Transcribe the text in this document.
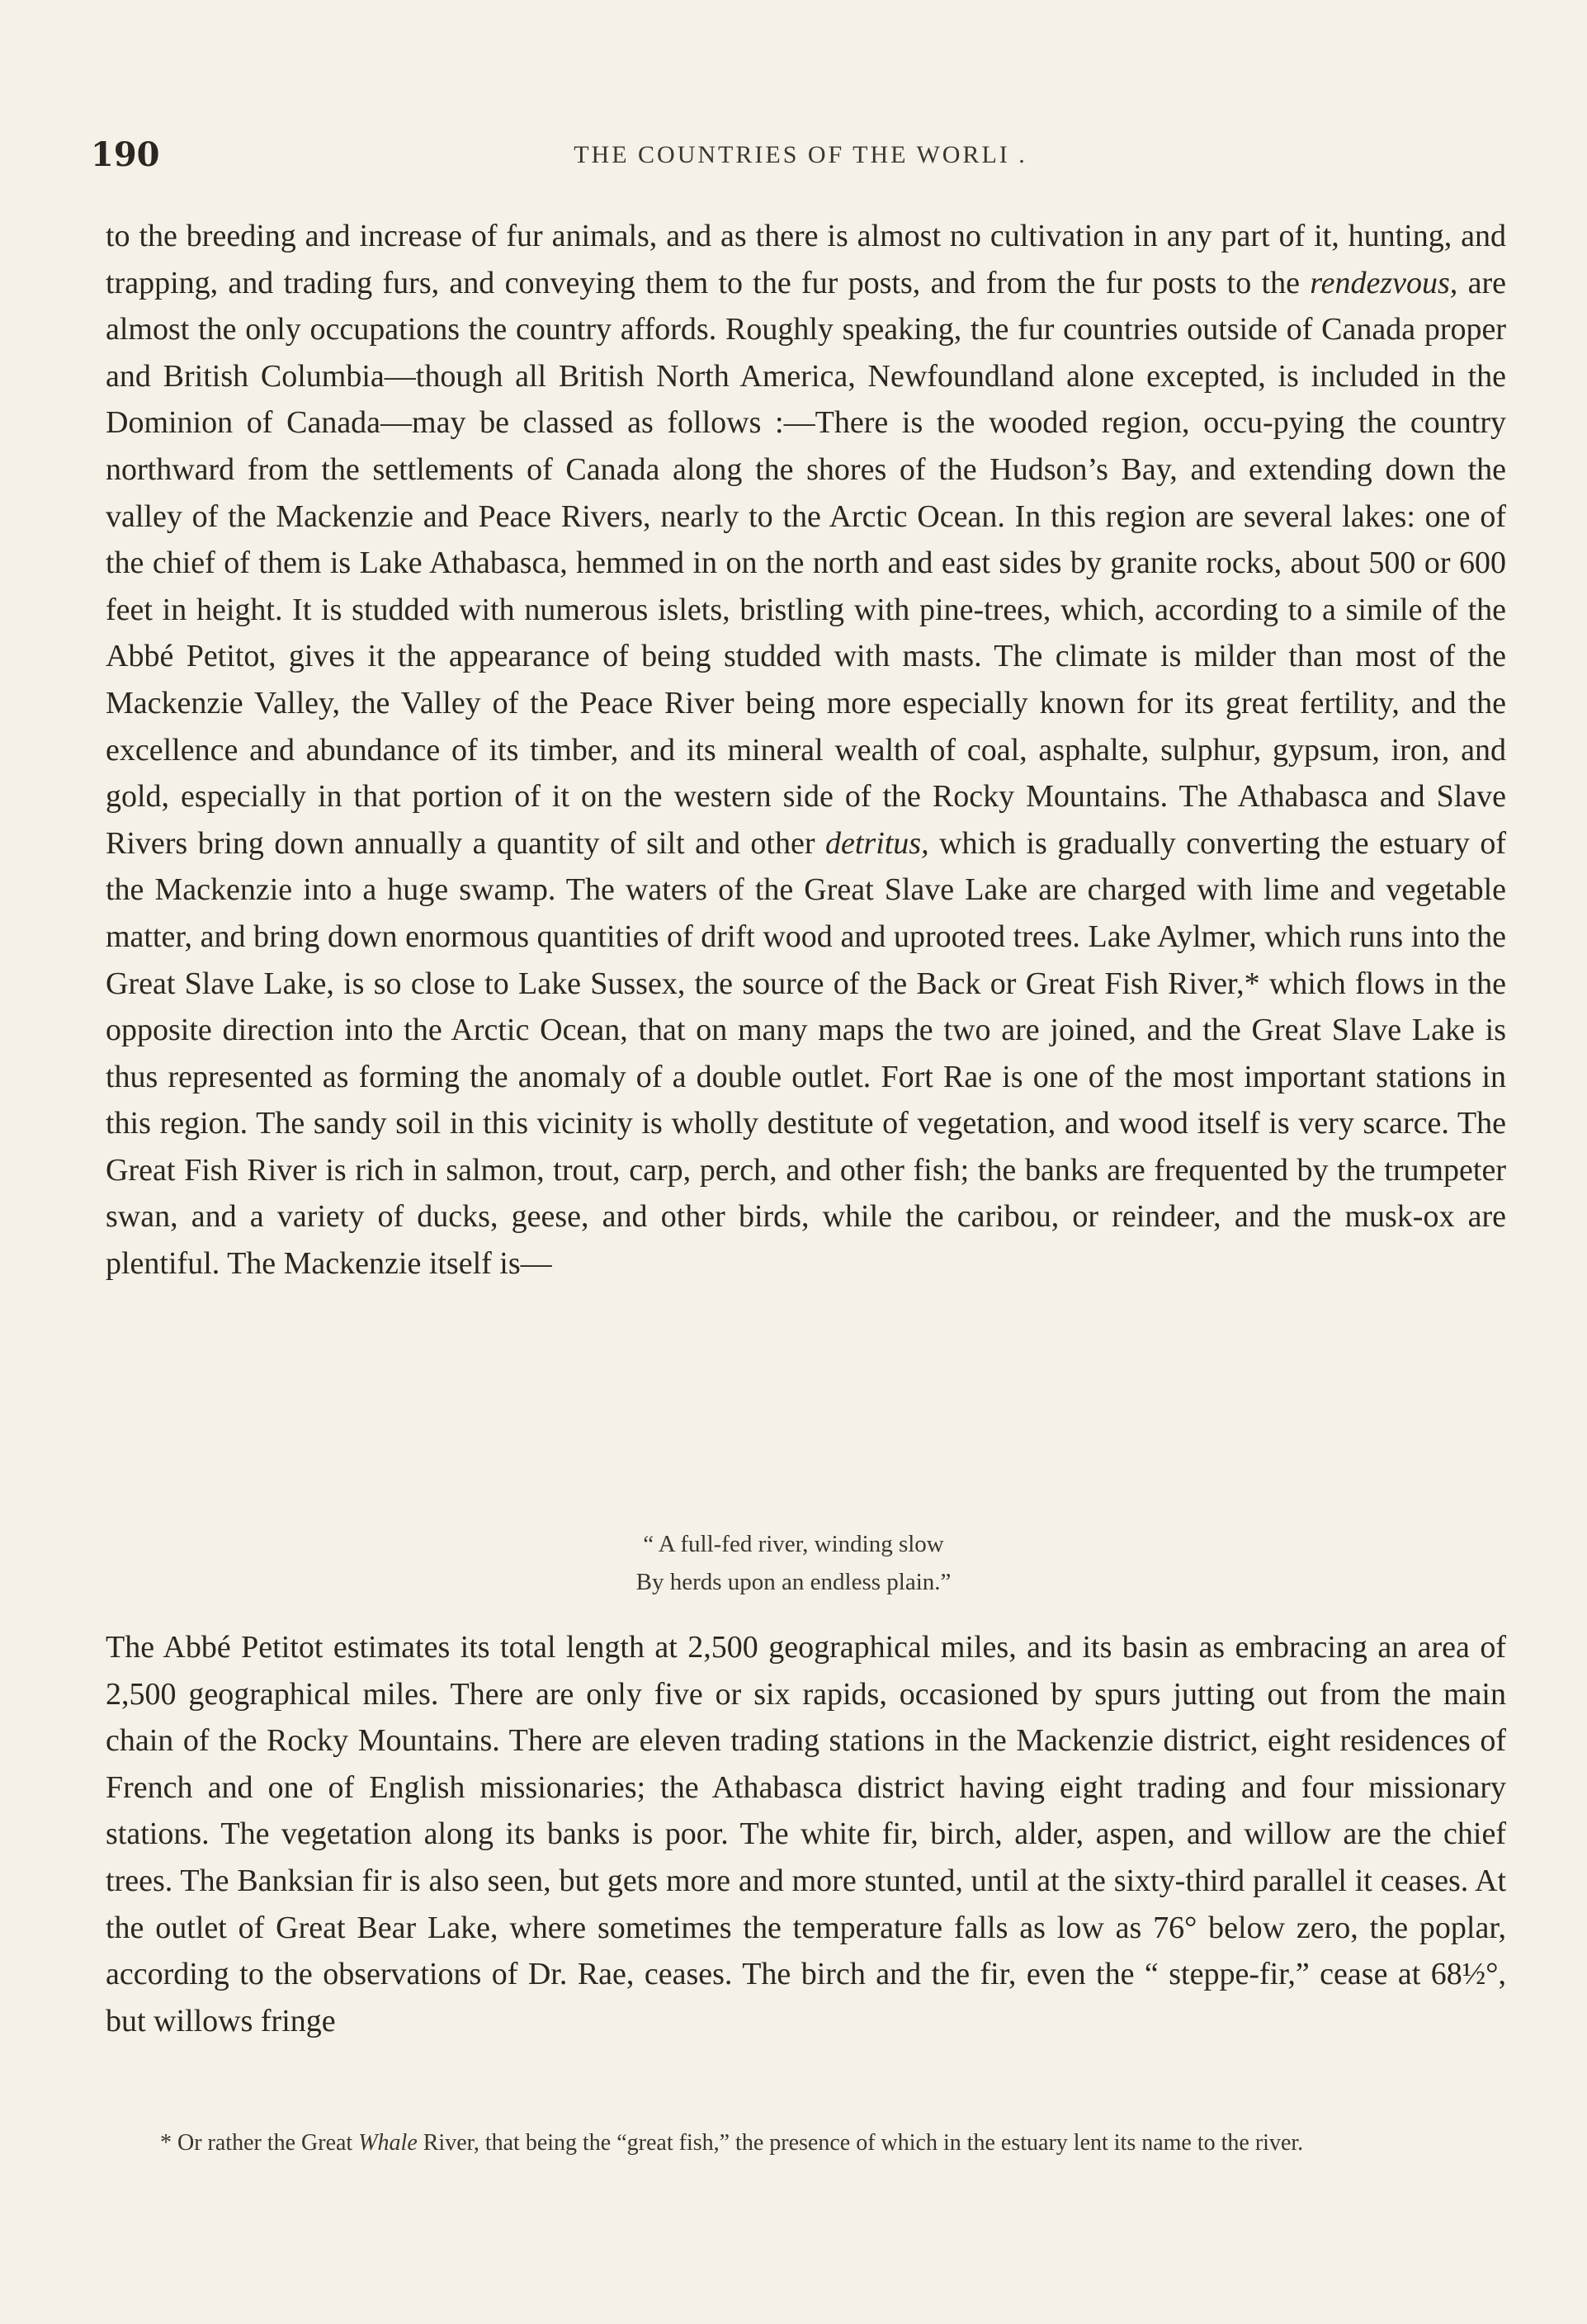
190	THE COUNTRIES OF THE WORLI .

to the breeding and increase of fur animals, and as there is almost no cultivation in any part of it, hunting, and trapping, and trading furs, and conveying them to the fur posts, and from the fur posts to the rendezvous, are almost the only occupations the country affords. Roughly speaking, the fur countries outside of Canada proper and British Columbia—though all British North America, Newfoundland alone excepted, is included in the Dominion of Canada—may be classed as follows :—There is the wooded region, occu-pying the country northward from the settlements of Canada along the shores of the Hudson’s Bay, and extending down the valley of the Mackenzie and Peace Rivers, nearly to the Arctic Ocean. In this region are several lakes: one of the chief of them is Lake Athabasca, hemmed in on the north and east sides by granite rocks, about 500 or 600 feet in height. It is studded with numerous islets, bristling with pine-trees, which, according to a simile of the Abbé Petitot, gives it the appearance of being studded with masts. The climate is milder than most of the Mackenzie Valley, the Valley of the Peace River being more especially known for its great fertility, and the excellence and abundance of its timber, and its mineral wealth of coal, asphalte, sulphur, gypsum, iron, and gold, especially in that portion of it on the western side of the Rocky Mountains. The Athabasca and Slave Rivers bring down annually a quantity of silt and other detritus, which is gradually converting the estuary of the Mackenzie into a huge swamp. The waters of the Great Slave Lake are charged with lime and vegetable matter, and bring down enormous quantities of drift wood and uprooted trees. Lake Aylmer, which runs into the Great Slave Lake, is so close to Lake Sussex, the source of the Back or Great Fish River,* which flows in the opposite direction into the Arctic Ocean, that on many maps the two are joined, and the Great Slave Lake is thus represented as forming the anomaly of a double outlet. Fort Rae is one of the most important stations in this region. The sandy soil in this vicinity is wholly destitute of vegetation, and wood itself is very scarce. The Great Fish River is rich in salmon, trout, carp, perch, and other fish; the banks are frequented by the trumpeter swan, and a variety of ducks, geese, and other birds, while the caribou, or reindeer, and the musk-ox are plentiful. The Mackenzie itself is—

“ A full-fed river, winding slow
By herds upon an endless plain.”

The Abbé Petitot estimates its total length at 2,500 geographical miles, and its basin as embracing an area of 2,500 geographical miles. There are only five or six rapids, occasioned by spurs jutting out from the main chain of the Rocky Mountains. There are eleven trading stations in the Mackenzie district, eight residences of French and one of English missionaries; the Athabasca district having eight trading and four missionary stations. The vegetation along its banks is poor. The white fir, birch, alder, aspen, and willow are the chief trees. The Banksian fir is also seen, but gets more and more stunted, until at the sixty-third parallel it ceases. At the outlet of Great Bear Lake, where sometimes the temperature falls as low as 76° below zero, the poplar, according to the observations of Dr. Rae, ceases. The birch and the fir, even the “ steppe-fir,” cease at 68½°, but willows fringe

* Or rather the Great Whale River, that being the “great fish,” the presence of which in the estuary lent its name to the river.
